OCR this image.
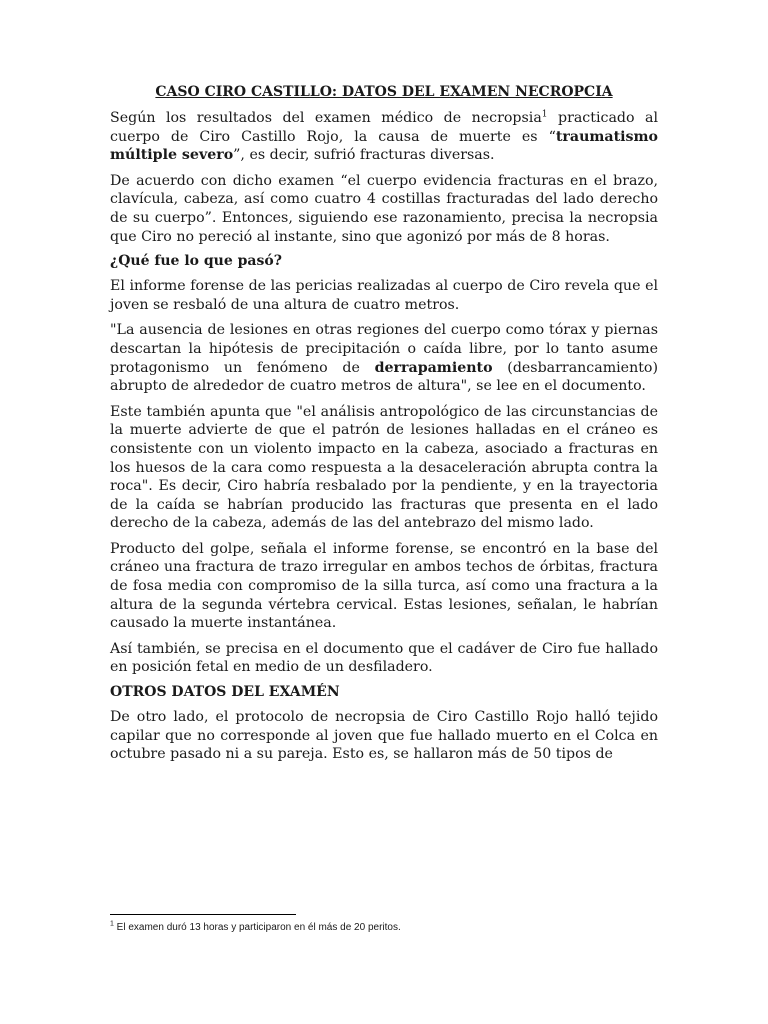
CASO CIRO CASTILLO: DATOS DEL EXAMEN NECROPCIA

Según los resultados del examen médico de necropsia$^1$ practicado al cuerpo de Ciro Castillo Rojo, la causa de muerte es “traumatismo múltiple severo”, es decir, sufrió fracturas diversas.

De acuerdo con dicho examen “el cuerpo evidencia fracturas en el brazo, clavícula, cabeza, así como cuatro 4 costillas fracturadas del lado derecho de su cuerpo”. Entonces, siguiendo ese razonamiento, precisa la necropsia que Ciro no pereció al instante, sino que agonizó por más de 8 horas.

¿Qué fue lo que pasó?

El informe forense de las pericias realizadas al cuerpo de Ciro revela que el joven se resbaló de una altura de cuatro metros.

"La ausencia de lesiones en otras regiones del cuerpo como tórax y piernas descartan la hipótesis de precipitación o caída libre, por lo tanto asume protagonismo un fenómeno de derrapamiento (desbarrancamiento) abrupto de alrededor de cuatro metros de altura", se lee en el documento.

Este también apunta que "el análisis antropológico de las circunstancias de la muerte advierte de que el patrón de lesiones halladas en el cráneo es consistente con un violento impacto en la cabeza, asociado a fracturas en los huesos de la cara como respuesta a la desaceleración abrupta contra la roca". Es decir, Ciro habría resbalado por la pendiente, y en la trayectoria de la caída se habrían producido las fracturas que presenta en el lado derecho de la cabeza, además de las del antebrazo del mismo lado.

Producto del golpe, señala el informe forense, se encontró en la base del cráneo una fractura de trazo irregular en ambos techos de órbitas, fractura de fosa media con compromiso de la silla turca, así como una fractura a la altura de la segunda vértebra cervical. Estas lesiones, señalan, le habrían causado la muerte instantánea.

Así también, se precisa en el documento que el cadáver de Ciro fue hallado en posición fetal en medio de un desfiladero.

OTROS DATOS DEL EXAMÉN

De otro lado, el protocolo de necropsia de Ciro Castillo Rojo halló tejido capilar que no corresponde al joven que fue hallado muerto en el Colca en octubre pasado ni a su pareja. Esto es, se hallaron más de 50 tipos de

$^1$ El examen duró 13 horas y participaron en él más de 20 peritos.
